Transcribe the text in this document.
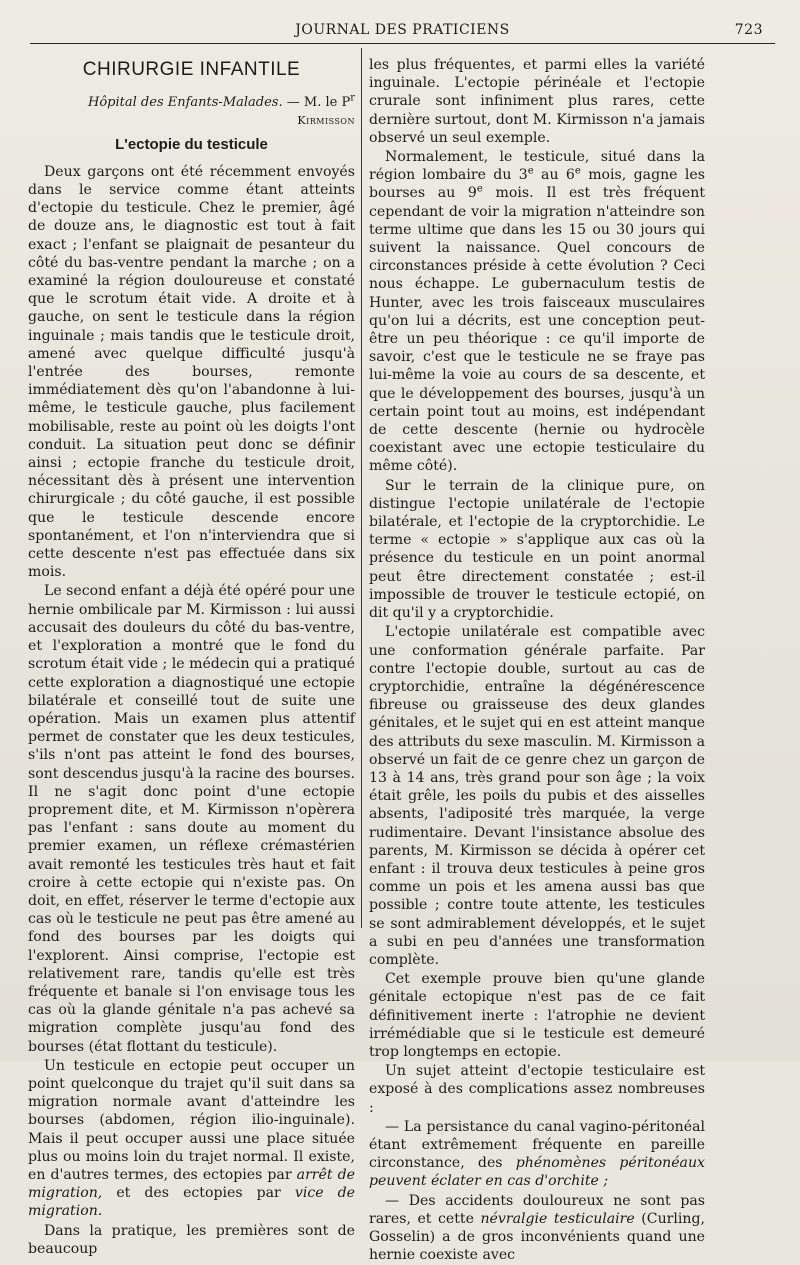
JOURNAL DES PRATICIENS	723
CHIRURGIE INFANTILE
Hôpital des Enfants-Malades. — M. le $P^r$ Kirmisson
L'ectopie du testicule

Deux garçons ont été récemment envoyés dans le service comme étant atteints d'ectopie du testicule. Chez le premier, âgé de douze ans, le diagnostic est tout à fait exact ; l'enfant se plaignait de pesanteur du côté du bas-ventre pendant la marche ; on a examiné la région douloureuse et constaté que le scrotum était vide. A droite et à gauche, on sent le testicule dans la région inguinale ; mais tandis que le testicule droit, amené avec quelque difficulté jusqu'à l'entrée des bourses, remonte immédiatement dès qu'on l'abandonne à lui-même, le testicule gauche, plus facilement mobilisable, reste au point où les doigts l'ont conduit. La situation peut donc se définir ainsi ; ectopie franche du testicule droit, nécessitant dès à présent une intervention chirurgicale ; du côté gauche, il est possible que le testicule descende encore spontanément, et l'on n'interviendra que si cette descente n'est pas effectuée dans six mois.

Le second enfant a déjà été opéré pour une hernie ombilicale par M. Kirmisson : lui aussi accusait des douleurs du côté du bas-ventre, et l'exploration a montré que le fond du scrotum était vide ; le médecin qui a pratiqué cette exploration a diagnostiqué une ectopie bilatérale et conseillé tout de suite une opération. Mais un examen plus attentif permet de constater que les deux testicules, s'ils n'ont pas atteint le fond des bourses, sont descendus jusqu'à la racine des bourses. Il ne s'agit donc point d'une ectopie proprement dite, et M. Kirmisson n'opèrera pas l'enfant : sans doute au moment du premier examen, un réflexe crémastérien avait remonté les testicules très haut et fait croire à cette ectopie qui n'existe pas. On doit, en effet, réserver le terme d'ectopie aux cas où le testicule ne peut pas être amené au fond des bourses par les doigts qui l'explorent. Ainsi comprise, l'ectopie est relativement rare, tandis qu'elle est très fréquente et banale si l'on envisage tous les cas où la glande génitale n'a pas achevé sa migration complète jusqu'au fond des bourses (état flottant du testicule).

Un testicule en ectopie peut occuper un point quelconque du trajet qu'il suit dans sa migration normale avant d'atteindre les bourses (abdomen, région ilio-inguinale). Mais il peut occuper aussi une place située plus ou moins loin du trajet normal. Il existe, en d'autres termes, des ectopies par arrêt de migration, et des ectopies par vice de migration.

Dans la pratique, les premières sont de beaucoup

les plus fréquentes, et parmi elles la variété inguinale. L'ectopie périnéale et l'ectopie crurale sont infiniment plus rares, cette dernière surtout, dont M. Kirmisson n'a jamais observé un seul exemple.

Normalement, le testicule, situé dans la région lombaire du 3e au 6e mois, gagne les bourses au 9e mois. Il est très fréquent cependant de voir la migration n'atteindre son terme ultime que dans les 15 ou 30 jours qui suivent la naissance. Quel concours de circonstances préside à cette évolution ? Ceci nous échappe. Le gubernaculum testis de Hunter, avec les trois faisceaux musculaires qu'on lui a décrits, est une conception peut-être un peu théorique : ce qu'il importe de savoir, c'est que le testicule ne se fraye pas lui-même la voie au cours de sa descente, et que le développement des bourses, jusqu'à un certain point tout au moins, est indépendant de cette descente (hernie ou hydrocèle coexistant avec une ectopie testiculaire du même côté).

Sur le terrain de la clinique pure, on distingue l'ectopie unilatérale de l'ectopie bilatérale, et l'ectopie de la cryptorchidie. Le terme « ectopie » s'applique aux cas où la présence du testicule en un point anormal peut être directement constatée ; est-il impossible de trouver le testicule ectopié, on dit qu'il y a cryptorchidie.

L'ectopie unilatérale est compatible avec une conformation générale parfaite. Par contre l'ectopie double, surtout au cas de cryptorchidie, entraîne la dégénérescence fibreuse ou graisseuse des deux glandes génitales, et le sujet qui en est atteint manque des attributs du sexe masculin. M. Kirmisson a observé un fait de ce genre chez un garçon de 13 à 14 ans, très grand pour son âge ; la voix était grêle, les poils du pubis et des aisselles absents, l'adiposité très marquée, la verge rudimentaire. Devant l'insistance absolue des parents, M. Kirmisson se décida à opérer cet enfant : il trouva deux testicules à peine gros comme un pois et les amena aussi bas que possible ; contre toute attente, les testicules se sont admirablement développés, et le sujet a subi en peu d'années une transformation complète.

Cet exemple prouve bien qu'une glande génitale ectopique n'est pas de ce fait définitivement inerte : l'atrophie ne devient irrémédiable que si le testicule est demeuré trop longtemps en ectopie.

Un sujet atteint d'ectopie testiculaire est exposé à des complications assez nombreuses :

— La persistance du canal vagino-péritonéal étant extrêmement fréquente en pareille circonstance, des phénomènes péritonéaux peuvent éclater en cas d'orchite ;

— Des accidents douloureux ne sont pas rares, et cette névralgie testiculaire (Curling, Gosselin) a de gros inconvénients quand une hernie coexiste avec
